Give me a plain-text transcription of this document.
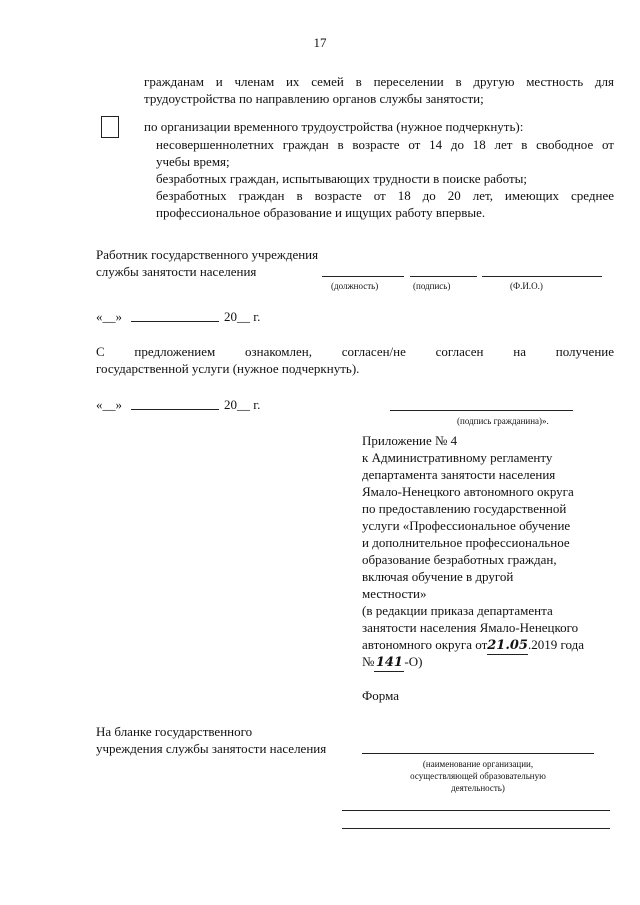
17
гражданам и членам их семей в переселении в другую местность для
трудоустройства по направлению органов службы занятости;
по организации временного трудоустройства (нужное подчеркнуть):
несовершеннолетних граждан в возрасте от 14 до 18 лет в свободное от
учебы время;
безработных граждан, испытывающих трудности в поиске работы;
безработных граждан в возрасте от 18 до 20 лет, имеющих среднее
профессиональное образование и ищущих работу впервые.
Работник государственного учреждения
службы занятости населения
(должность)	(подпись)	(Ф.И.О.)
«__»	20__ г.
С предложением ознакомлен, согласен/не согласен на получение
государственной услуги (нужное подчеркнуть).
«__»	20__ г.
(подпись гражданина)».
Приложение № 4
к Административному регламенту
департамента занятости населения
Ямало-Ненецкого автономного округа
по предоставлению государственной
услуги «Профессиональное обучение
и дополнительное профессиональное
образование безработных граждан,
включая обучение в другой
местности»
(в редакции приказа департамента
занятости населения Ямало-Ненецкого
автономного округа от21.05.2019 года
№141-О)
Форма
На бланке государственного
учреждения службы занятости населения
(наименование организации,
осуществляющей образовательную
деятельность)
